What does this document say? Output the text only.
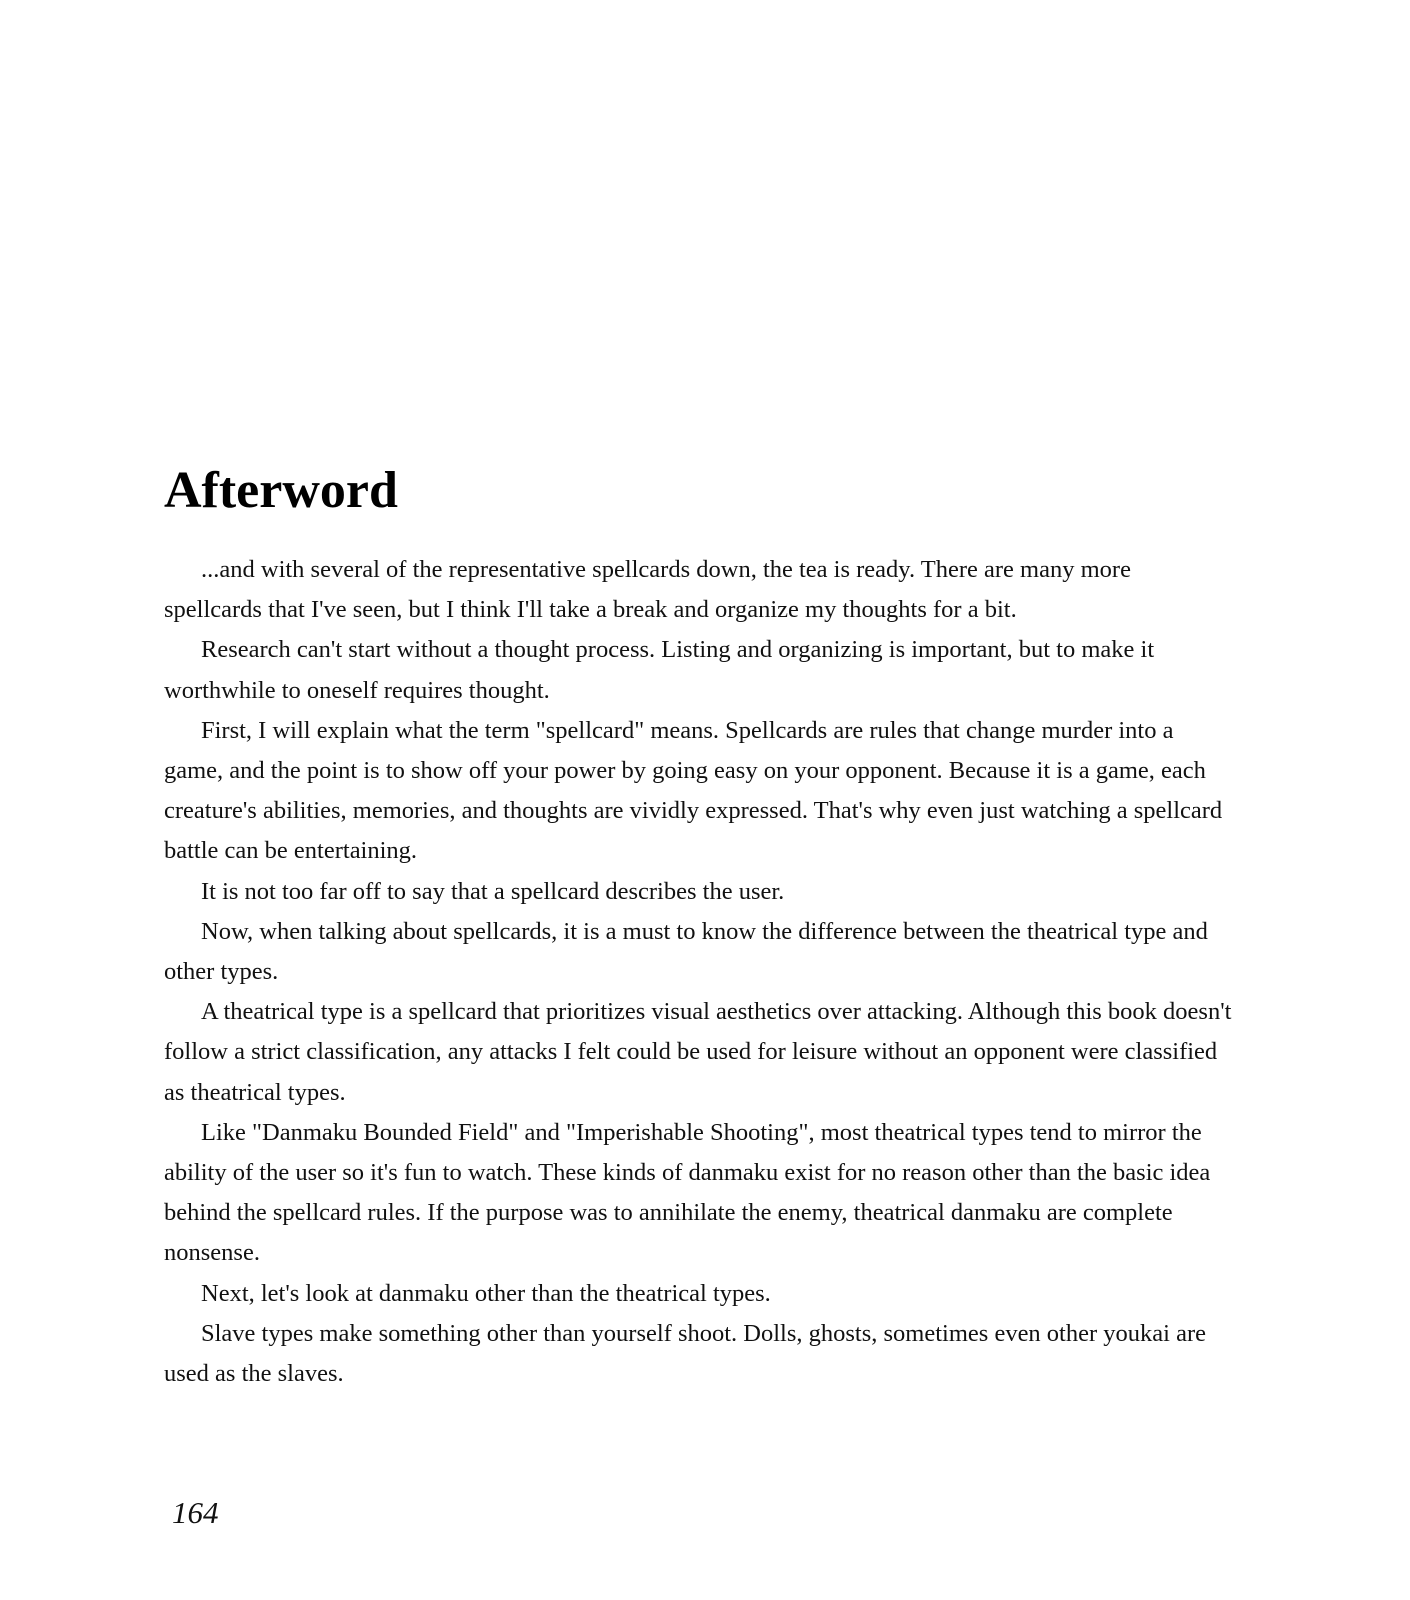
Afterword

...and with several of the representative spellcards down, the tea is ready. There are many more spellcards that I've seen, but I think I'll take a break and organize my thoughts for a bit.

Research can't start without a thought process. Listing and organizing is important, but to make it worthwhile to oneself requires thought.

First, I will explain what the term "spellcard" means. Spellcards are rules that change murder into a game, and the point is to show off your power by going easy on your opponent. Because it is a game, each creature's abilities, memories, and thoughts are vividly expressed. That's why even just watching a spellcard battle can be entertaining.

It is not too far off to say that a spellcard describes the user.

Now, when talking about spellcards, it is a must to know the difference between the theatrical type and other types.

A theatrical type is a spellcard that prioritizes visual aesthetics over attacking. Although this book doesn't follow a strict classification, any attacks I felt could be used for leisure without an opponent were classified as theatrical types.

Like "Danmaku Bounded Field" and "Imperishable Shooting", most theatrical types tend to mirror the ability of the user so it's fun to watch. These kinds of danmaku exist for no reason other than the basic idea behind the spellcard rules. If the purpose was to annihilate the enemy, theatrical danmaku are complete nonsense.

Next, let's look at danmaku other than the theatrical types.

Slave types make something other than yourself shoot. Dolls, ghosts, sometimes even other youkai are used as the slaves.

164
